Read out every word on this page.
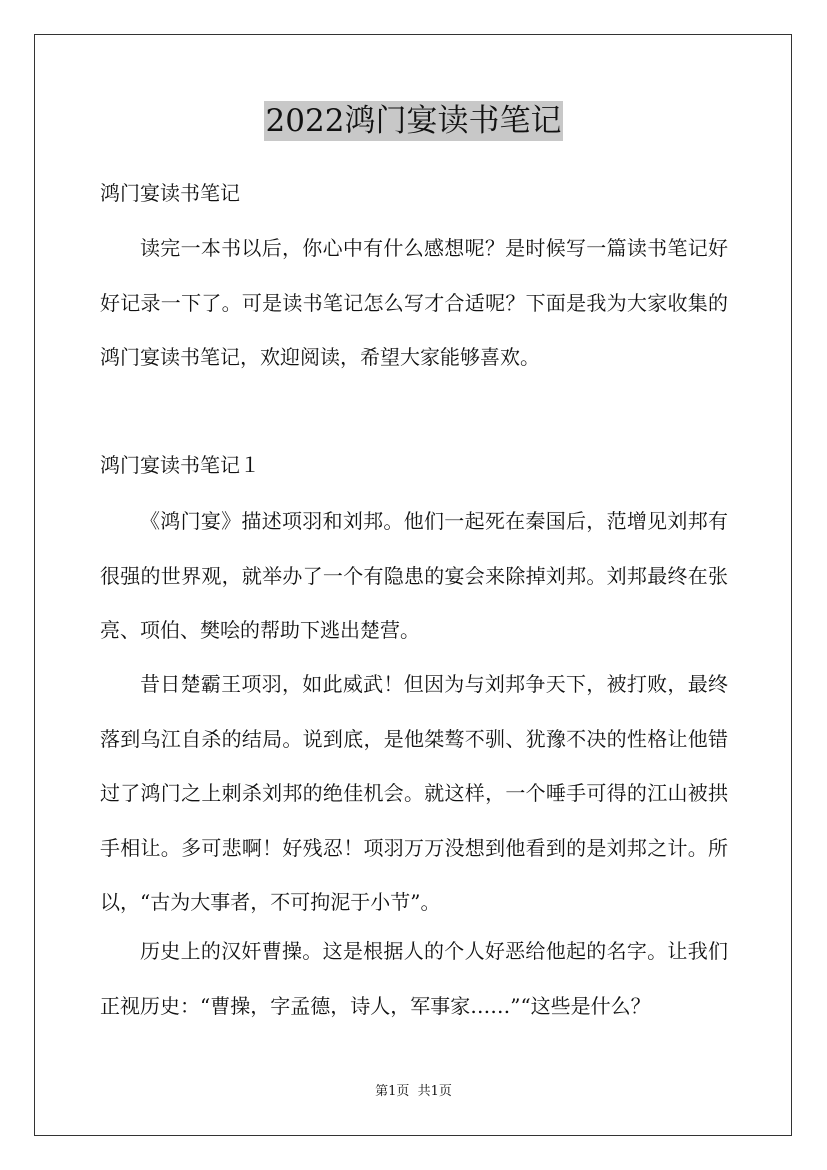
2022鸿门宴读书笔记
鸿门宴读书笔记

读完一本书以后，你心中有什么感想呢？是时候写一篇读书笔记好好记录一下了。可是读书笔记怎么写才合适呢？下面是我为大家收集的鸿门宴读书笔记，欢迎阅读，希望大家能够喜欢。

鸿门宴读书笔记１

《鸿门宴》描述项羽和刘邦。他们一起死在秦国后，范增见刘邦有很强的世界观，就举办了一个有隐患的宴会来除掉刘邦。刘邦最终在张亮、项伯、樊哙的帮助下逃出楚营。

昔日楚霸王项羽，如此威武！但因为与刘邦争天下，被打败，最终落到乌江自杀的结局。说到底，是他桀骜不驯、犹豫不决的性格让他错过了鸿门之上刺杀刘邦的绝佳机会。就这样，一个唾手可得的江山被拱手相让。多可悲啊！好残忍！项羽万万没想到他看到的是刘邦之计。所以，“古为大事者，不可拘泥于小节”。

历史上的汉奸曹操。这是根据人的个人好恶给他起的名字。让我们正视历史：“曹操，字孟德，诗人，军事家……”“这些是什么？

第1页  共1页
